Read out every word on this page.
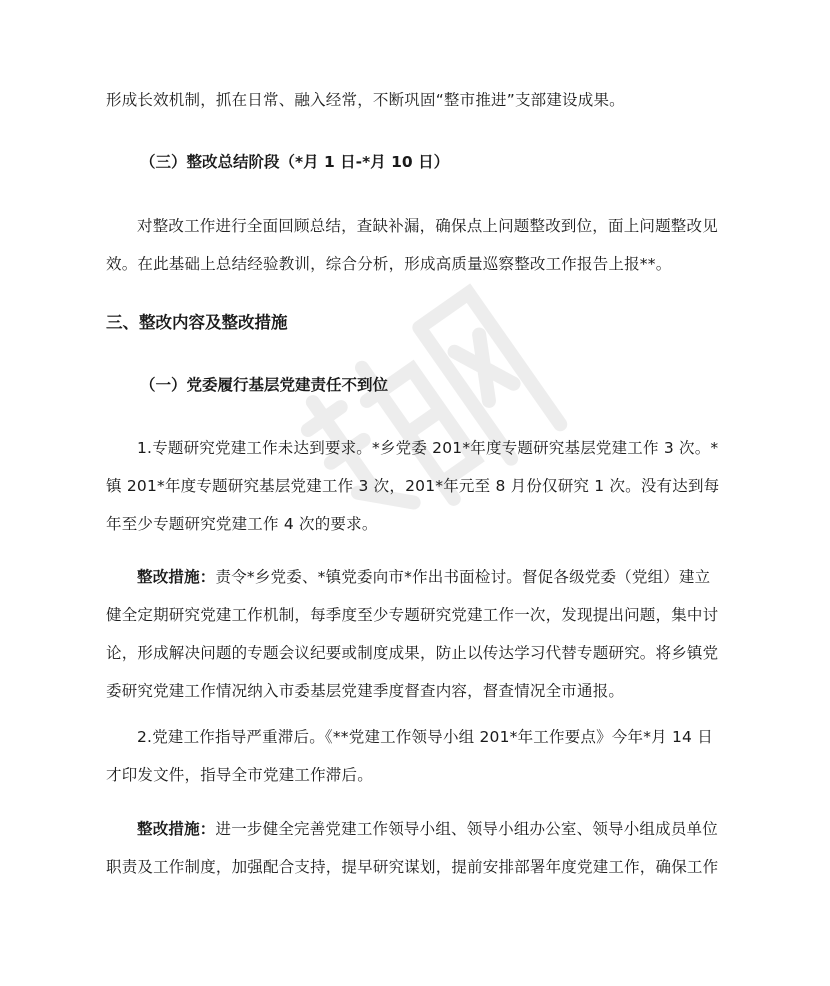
形成长效机制，抓在日常、融入经常，不断巩固“整市推进”支部建设成果。

（三）整改总结阶段（*月 1 日-*月 10 日）

对整改工作进行全面回顾总结，查缺补漏，确保点上问题整改到位，面上问题整改见效。在此基础上总结经验教训，综合分析，形成高质量巡察整改工作报告上报**。

三、整改内容及整改措施
（一）党委履行基层党建责任不到位

1.专题研究党建工作未达到要求。*乡党委 201*年度专题研究基层党建工作 3 次。*镇 201*年度专题研究基层党建工作 3 次，201*年元至 8 月份仅研究 1 次。没有达到每年至少专题研究党建工作 4 次的要求。

整改措施：责令*乡党委、*镇党委向市*作出书面检讨。督促各级党委（党组）建立健全定期研究党建工作机制，每季度至少专题研究党建工作一次，发现提出问题，集中讨论，形成解决问题的专题会议纪要或制度成果，防止以传达学习代替专题研究。将乡镇党委研究党建工作情况纳入市委基层党建季度督查内容，督查情况全市通报。

2.党建工作指导严重滞后。《**党建工作领导小组 201*年工作要点》今年*月 14 日才印发文件，指导全市党建工作滞后。

整改措施：进一步健全完善党建工作领导小组、领导小组办公室、领导小组成员单位职责及工作制度，加强配合支持，提早研究谋划，提前安排部署年度党建工作，确保工作
